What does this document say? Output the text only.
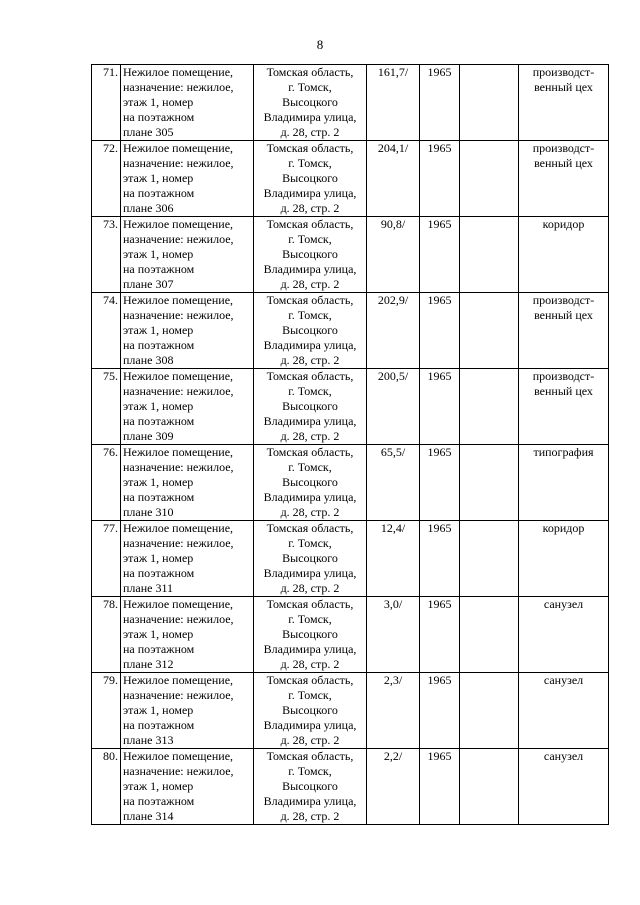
8
71.	Нежилое помещение,
назначение: нежилое,
этаж 1, номер
на поэтажном
плане 305	Томская область,
г. Томск,
Высоцкого
Владимира улица,
д. 28, стр. 2	161,7/	1965		производст-
венный цех

72.	Нежилое помещение,
назначение: нежилое,
этаж 1, номер
на поэтажном
плане 306	Томская область,
г. Томск,
Высоцкого
Владимира улица,
д. 28, стр. 2	204,1/	1965		производст-
венный цех

73.	Нежилое помещение,
назначение: нежилое,
этаж 1, номер
на поэтажном
плане 307	Томская область,
г. Томск,
Высоцкого
Владимира улица,
д. 28, стр. 2	90,8/	1965		коридор

74.	Нежилое помещение,
назначение: нежилое,
этаж 1, номер
на поэтажном
плане 308	Томская область,
г. Томск,
Высоцкого
Владимира улица,
д. 28, стр. 2	202,9/	1965		производст-
венный цех

75.	Нежилое помещение,
назначение: нежилое,
этаж 1, номер
на поэтажном
плане 309	Томская область,
г. Томск,
Высоцкого
Владимира улица,
д. 28, стр. 2	200,5/	1965		производст-
венный цех

76.	Нежилое помещение,
назначение: нежилое,
этаж 1, номер
на поэтажном
плане 310	Томская область,
г. Томск,
Высоцкого
Владимира улица,
д. 28, стр. 2	65,5/	1965		типография

77.	Нежилое помещение,
назначение: нежилое,
этаж 1, номер
на поэтажном
плане 311	Томская область,
г. Томск,
Высоцкого
Владимира улица,
д. 28, стр. 2	12,4/	1965		коридор

78.	Нежилое помещение,
назначение: нежилое,
этаж 1, номер
на поэтажном
плане 312	Томская область,
г. Томск,
Высоцкого
Владимира улица,
д. 28, стр. 2	3,0/	1965		санузел

79.	Нежилое помещение,
назначение: нежилое,
этаж 1, номер
на поэтажном
плане 313	Томская область,
г. Томск,
Высоцкого
Владимира улица,
д. 28, стр. 2	2,3/	1965		санузел

80.	Нежилое помещение,
назначение: нежилое,
этаж 1, номер
на поэтажном
плане 314	Томская область,
г. Томск,
Высоцкого
Владимира улица,
д. 28, стр. 2	2,2/	1965		санузел
